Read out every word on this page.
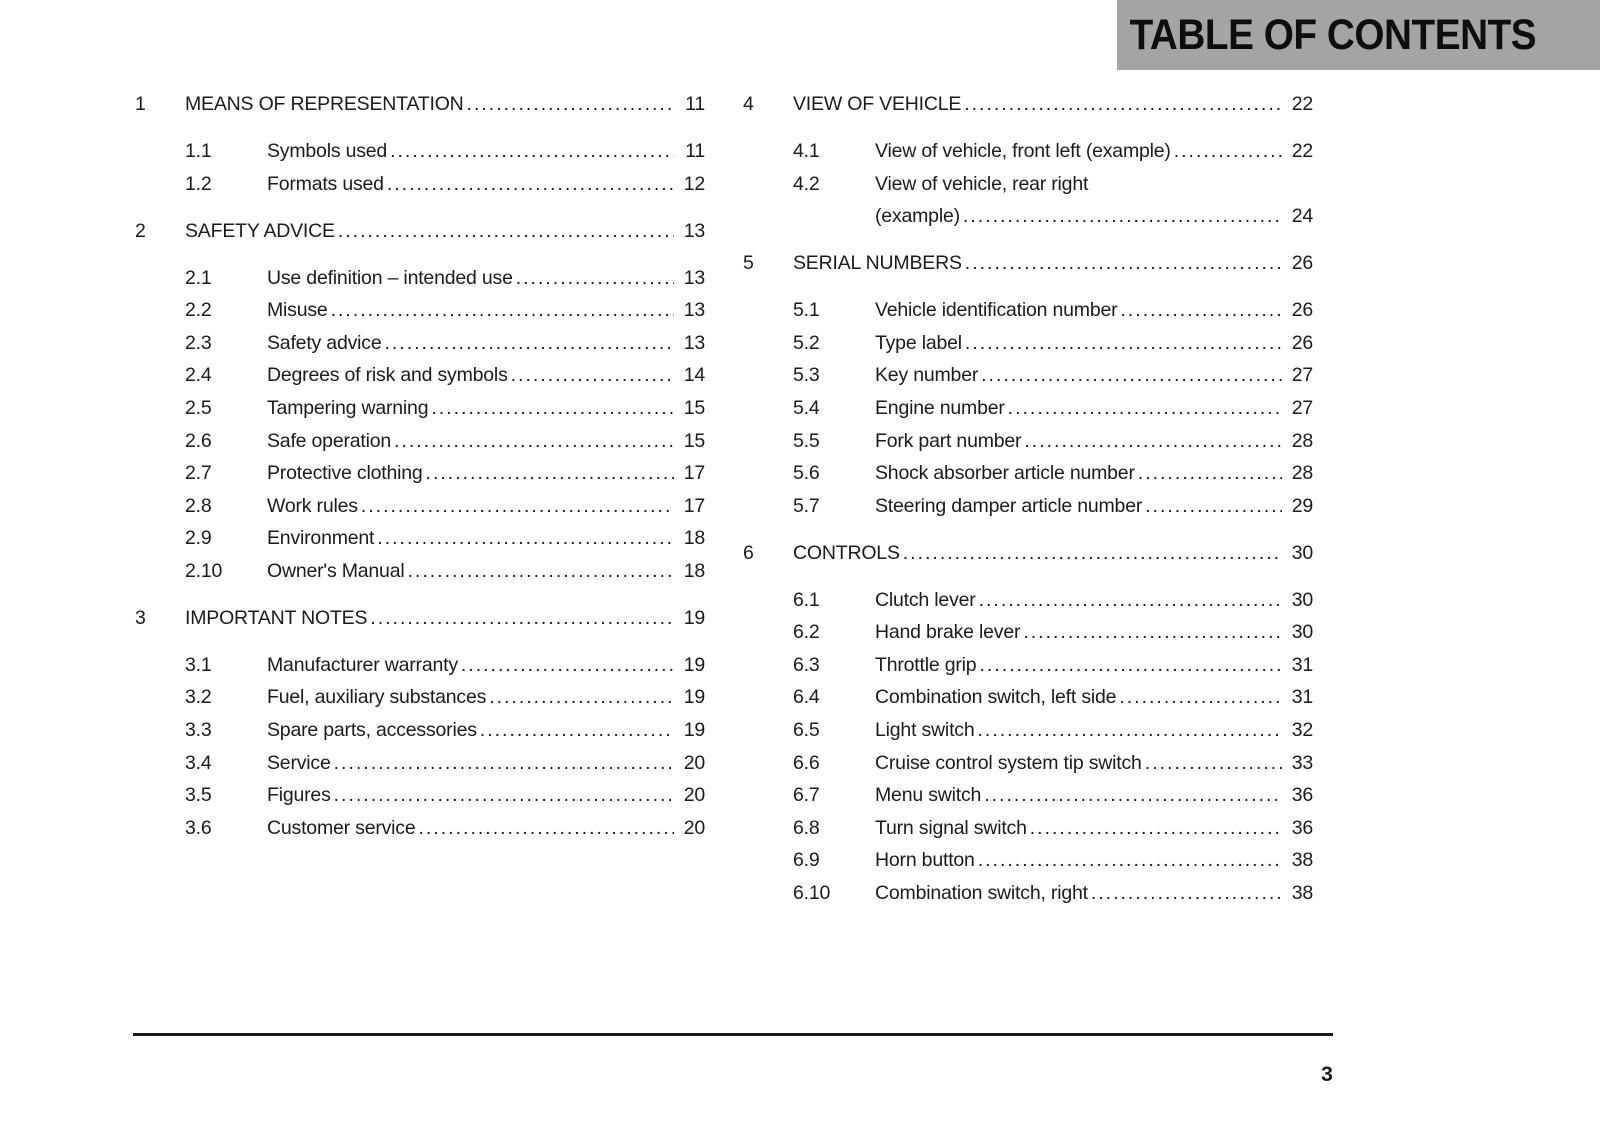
TABLE OF CONTENTS
1	MEANS OF REPRESENTATION .....	11
1.1	Symbols used .....	11
1.2	Formats used .....	12
2	SAFETY ADVICE .....	13
2.1	Use definition – intended use .....	13
2.2	Misuse .....	13
2.3	Safety advice .....	13
2.4	Degrees of risk and symbols .....	14
2.5	Tampering warning .....	15
2.6	Safe operation .....	15
2.7	Protective clothing .....	17
2.8	Work rules .....	17
2.9	Environment .....	18
2.10	Owner's Manual .....	18
3	IMPORTANT NOTES .....	19
3.1	Manufacturer warranty .....	19
3.2	Fuel, auxiliary substances .....	19
3.3	Spare parts, accessories .....	19
3.4	Service .....	20
3.5	Figures .....	20
3.6	Customer service .....	20
4	VIEW OF VEHICLE .....	22
4.1	View of vehicle, front left (example) .....	22
4.2	View of vehicle, rear right
(example) .....	24
5	SERIAL NUMBERS .....	26
5.1	Vehicle identification number .....	26
5.2	Type label .....	26
5.3	Key number .....	27
5.4	Engine number .....	27
5.5	Fork part number .....	28
5.6	Shock absorber article number .....	28
5.7	Steering damper article number .....	29
6	CONTROLS .....	30
6.1	Clutch lever .....	30
6.2	Hand brake lever .....	30
6.3	Throttle grip .....	31
6.4	Combination switch, left side .....	31
6.5	Light switch .....	32
6.6	Cruise control system tip switch .....	33
6.7	Menu switch .....	36
6.8	Turn signal switch .....	36
6.9	Horn button .....	38
6.10	Combination switch, right .....	38
3
